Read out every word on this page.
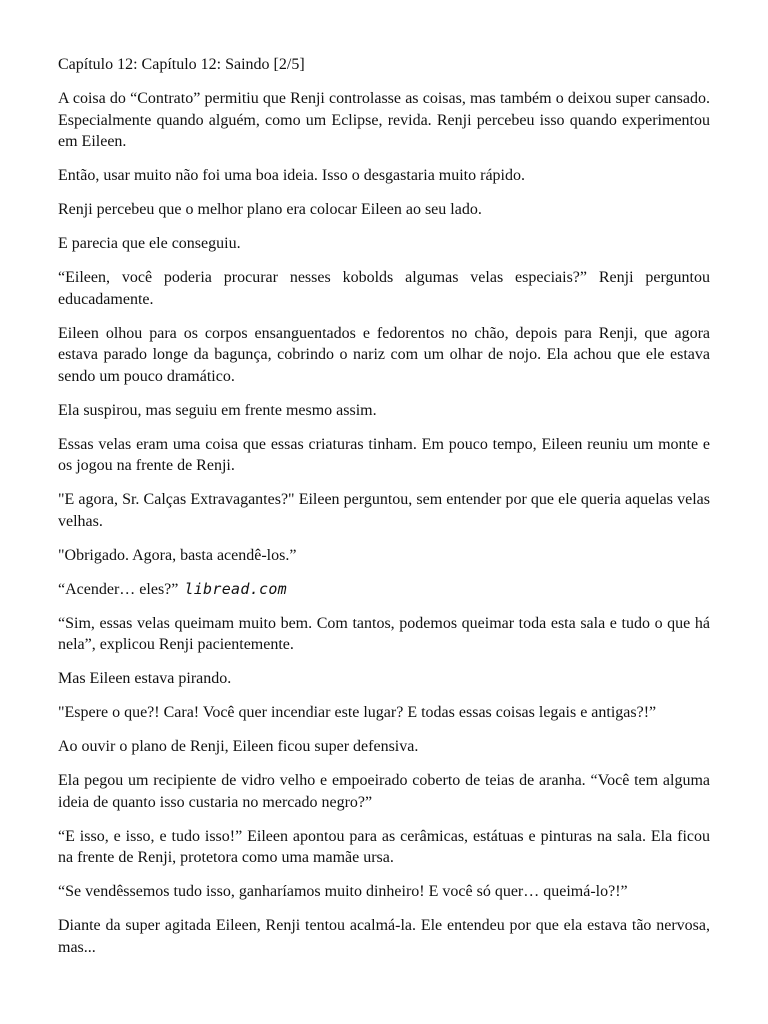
Capítulo 12: Capítulo 12: Saindo [2/5]

A coisa do “Contrato” permitiu que Renji controlasse as coisas, mas também o deixou super cansado. Especialmente quando alguém, como um Eclipse, revida. Renji percebeu isso quando experimentou em Eileen.

Então, usar muito não foi uma boa ideia. Isso o desgastaria muito rápido.

Renji percebeu que o melhor plano era colocar Eileen ao seu lado.

E parecia que ele conseguiu.

“Eileen, você poderia procurar nesses kobolds algumas velas especiais?” Renji perguntou educadamente.

Eileen olhou para os corpos ensanguentados e fedorentos no chão, depois para Renji, que agora estava parado longe da bagunça, cobrindo o nariz com um olhar de nojo. Ela achou que ele estava sendo um pouco dramático.

Ela suspirou, mas seguiu em frente mesmo assim.

Essas velas eram uma coisa que essas criaturas tinham. Em pouco tempo, Eileen reuniu um monte e os jogou na frente de Renji.

"E agora, Sr. Calças Extravagantes?" Eileen perguntou, sem entender por que ele queria aquelas velas velhas.

"Obrigado. Agora, basta acendê-los.”

“Acender… eles?” libread.com

“Sim, essas velas queimam muito bem. Com tantos, podemos queimar toda esta sala e tudo o que há nela”, explicou Renji pacientemente.

Mas Eileen estava pirando.

"Espere o que?! Cara! Você quer incendiar este lugar? E todas essas coisas legais e antigas?!”

Ao ouvir o plano de Renji, Eileen ficou super defensiva.

Ela pegou um recipiente de vidro velho e empoeirado coberto de teias de aranha. “Você tem alguma ideia de quanto isso custaria no mercado negro?”

“E isso, e isso, e tudo isso!” Eileen apontou para as cerâmicas, estátuas e pinturas na sala. Ela ficou na frente de Renji, protetora como uma mamãe ursa.

“Se vendêssemos tudo isso, ganharíamos muito dinheiro! E você só quer… queimá-lo?!”

Diante da super agitada Eileen, Renji tentou acalmá-la. Ele entendeu por que ela estava tão nervosa, mas...
